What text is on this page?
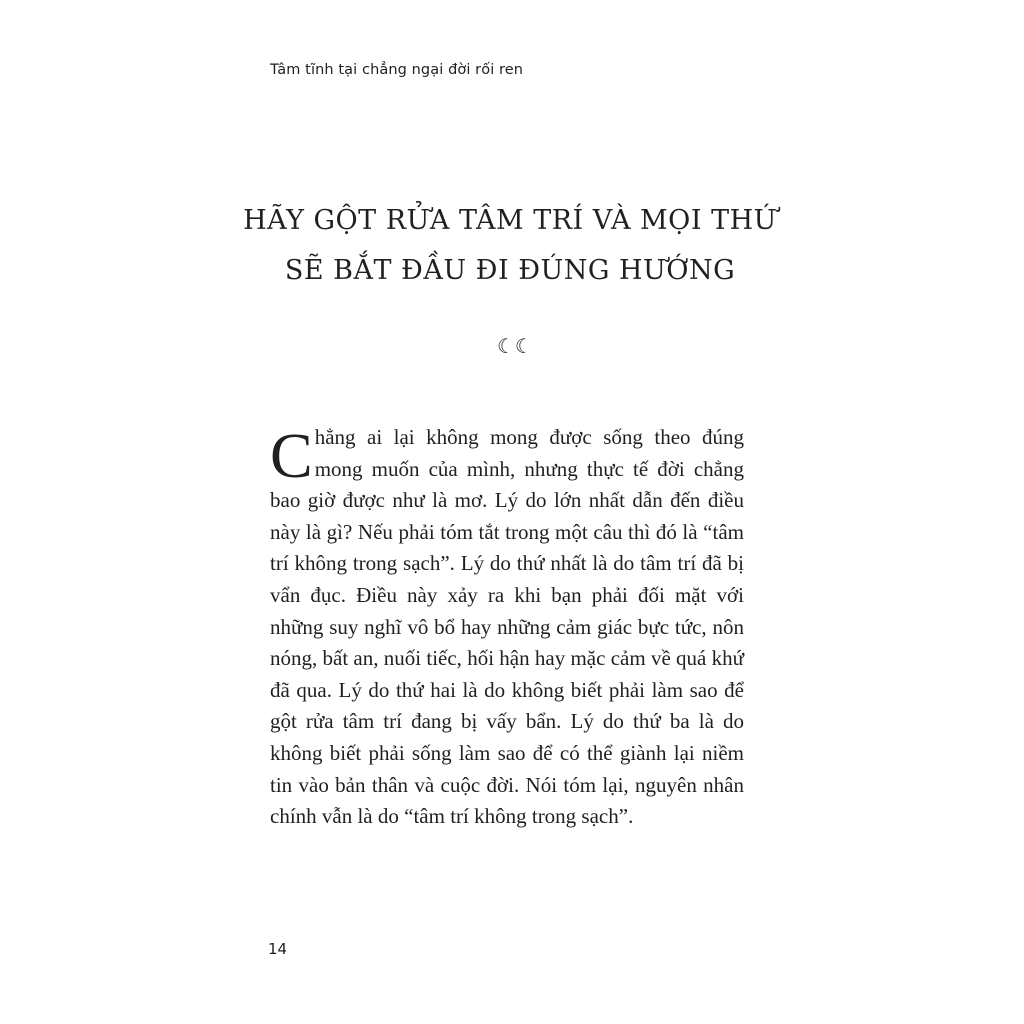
Tâm tĩnh tại chẳng ngại đời rối ren
HÃY GỘT RỬA TÂM TRÍ VÀ MỌI THỨ
SẼ BẮT ĐẦU ĐI ĐÚNG HƯỚNG
☾☾

Chẳng ai lại không mong được sống theo đúng mong muốn của mình, nhưng thực tế đời chẳng bao giờ được như là mơ. Lý do lớn nhất dẫn đến điều này là gì? Nếu phải tóm tắt trong một câu thì đó là “tâm trí không trong sạch”. Lý do thứ nhất là do tâm trí đã bị vẩn đục. Điều này xảy ra khi bạn phải đối mặt với những suy nghĩ vô bổ hay những cảm giác bực tức, nôn nóng, bất an, nuối tiếc, hối hận hay mặc cảm về quá khứ đã qua. Lý do thứ hai là do không biết phải làm sao để gột rửa tâm trí đang bị vấy bẩn. Lý do thứ ba là do không biết phải sống làm sao để có thể giành lại niềm tin vào bản thân và cuộc đời. Nói tóm lại, nguyên nhân chính vẫn là do “tâm trí không trong sạch”.

14
